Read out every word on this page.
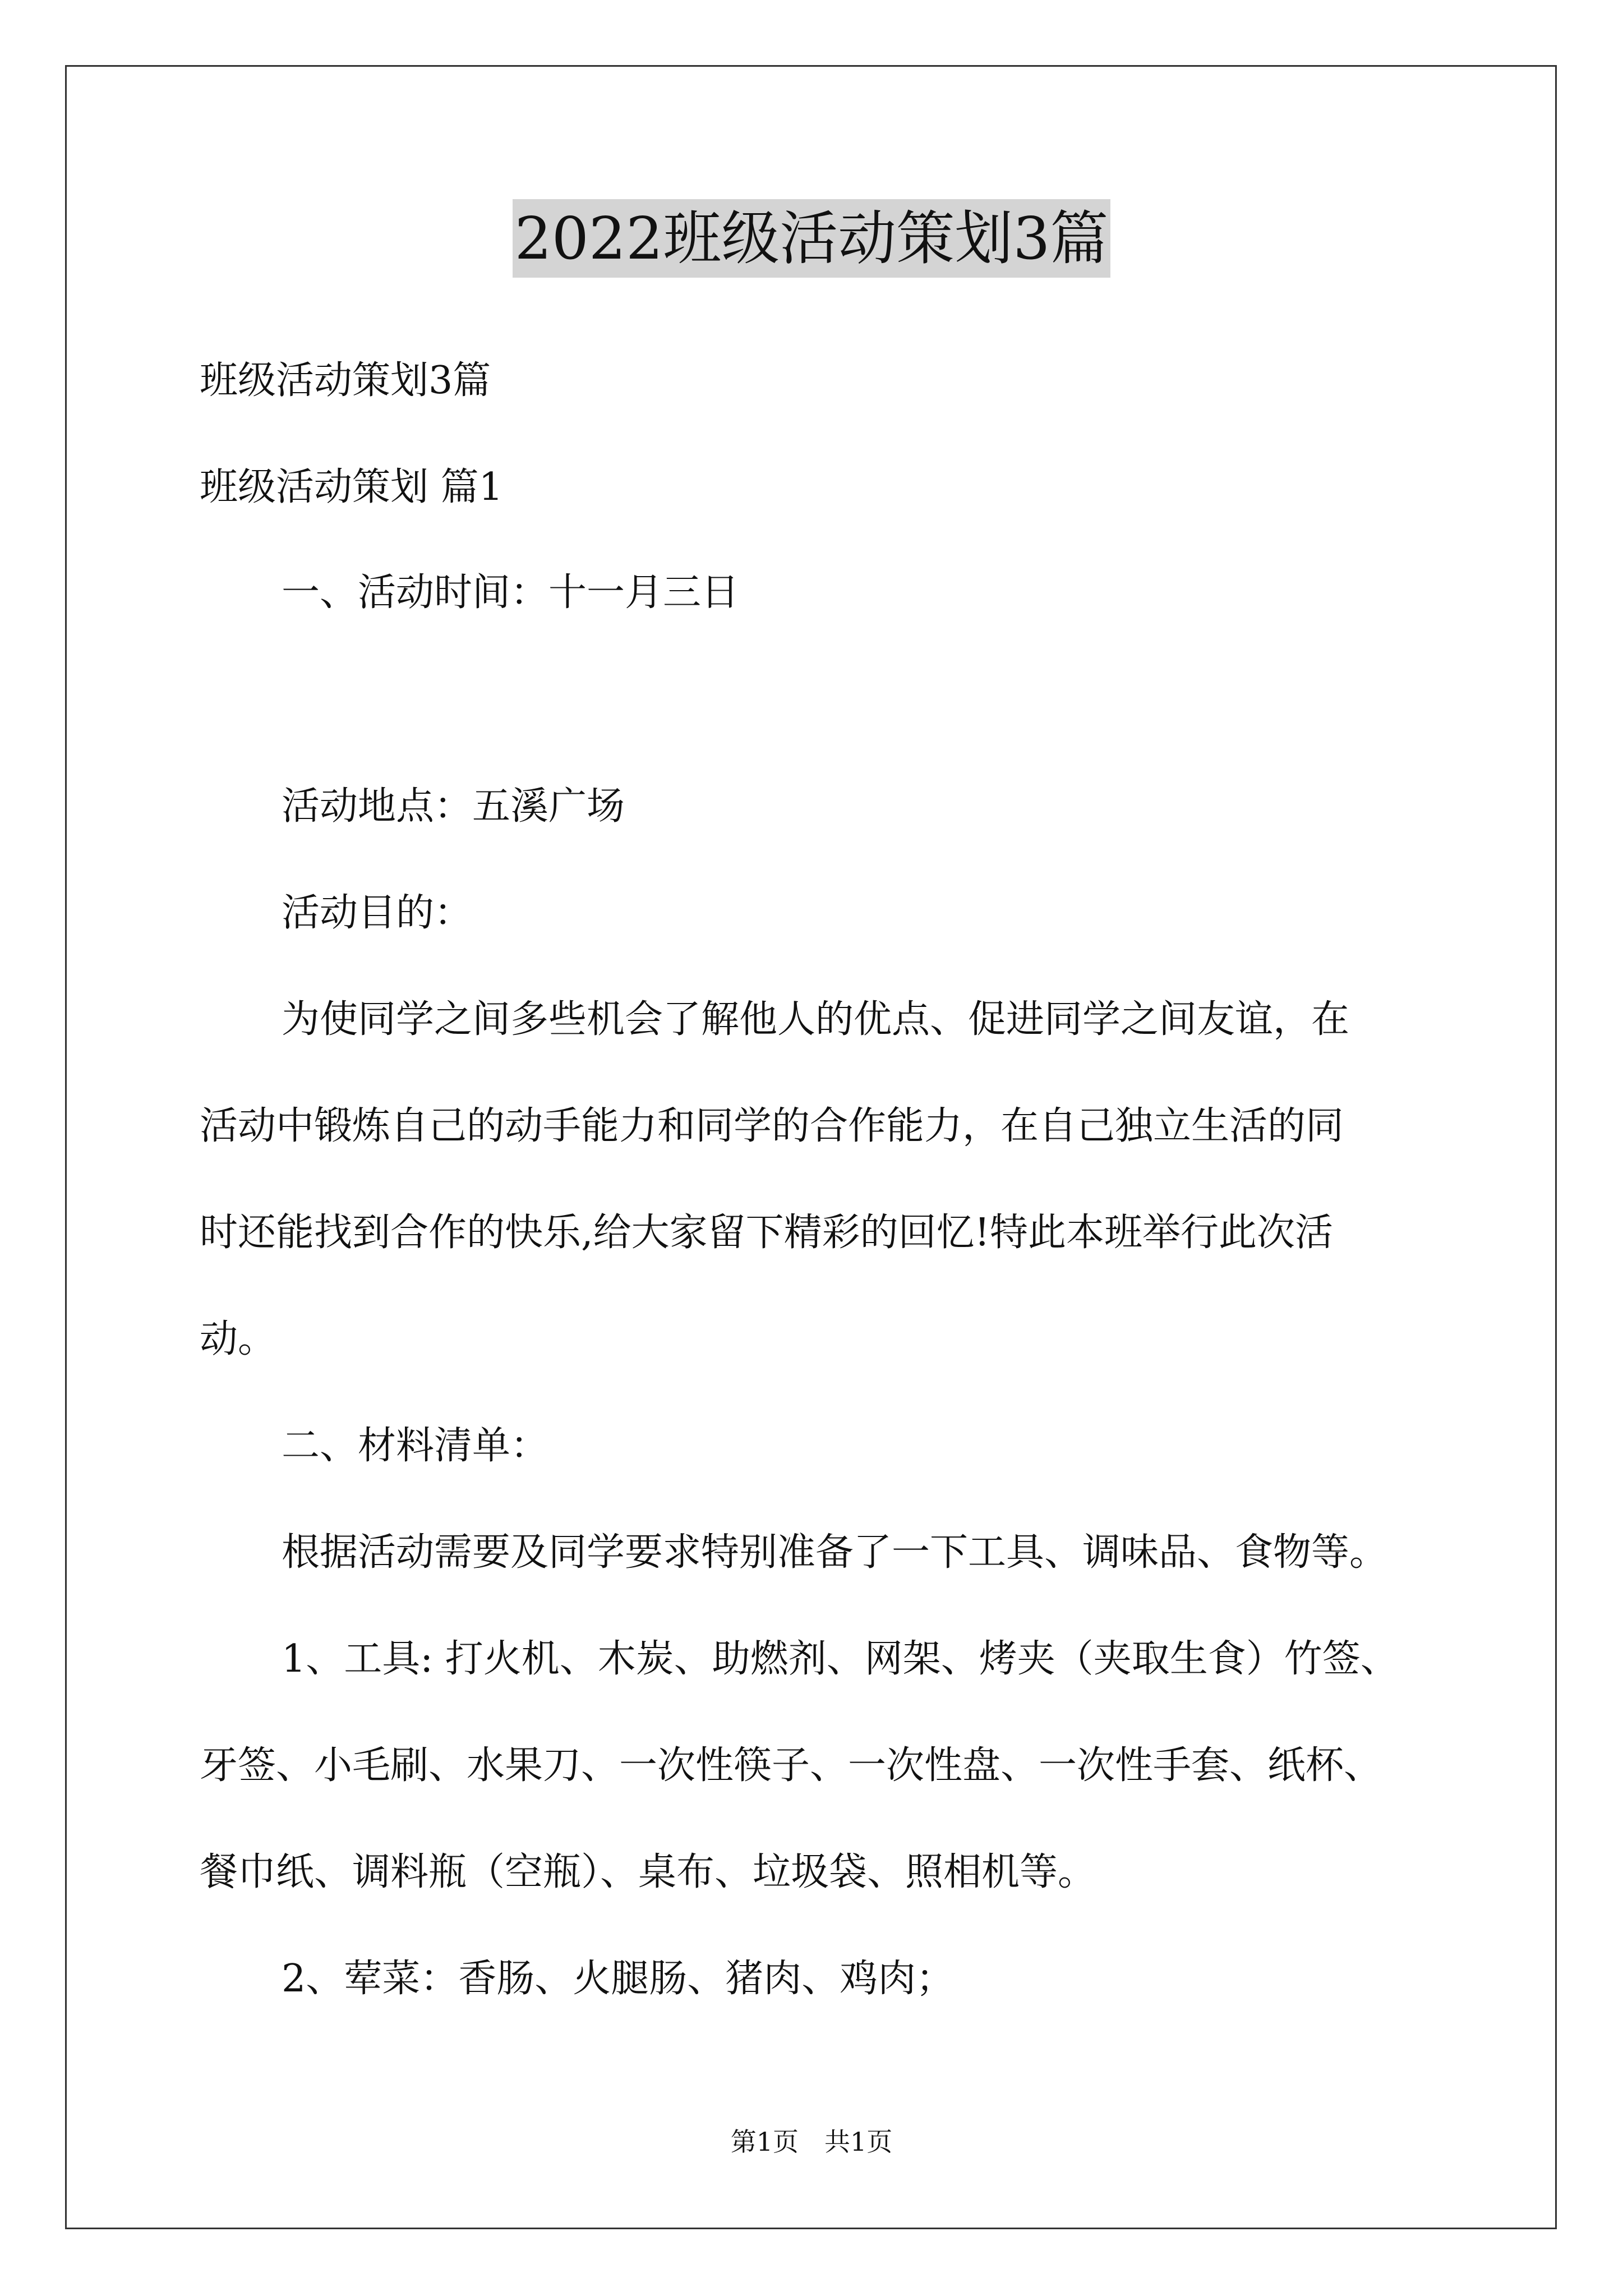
2022班级活动策划3篇
班级活动策划3篇
班级活动策划 篇1
一、活动时间：十一月三日
活动地点：五溪广场
活动目的：
为使同学之间多些机会了解他人的优点、促进同学之间友谊，在
活动中锻炼自己的动手能力和同学的合作能力，在自己独立生活的同
时还能找到合作的快乐,给大家留下精彩的回忆!特此本班举行此次活
动。
二、材料清单：
根据活动需要及同学要求特别准备了一下工具、调味品、食物等。
1、工具: 打火机、木炭、助燃剂、网架、烤夹（夹取生食）竹签、
牙签、小毛刷、水果刀、一次性筷子、一次性盘、一次性手套、纸杯、
餐巾纸、调料瓶（空瓶）、桌布、垃圾袋、照相机等。
2、荤菜：香肠、火腿肠、猪肉、鸡肉；
第1页　共1页
